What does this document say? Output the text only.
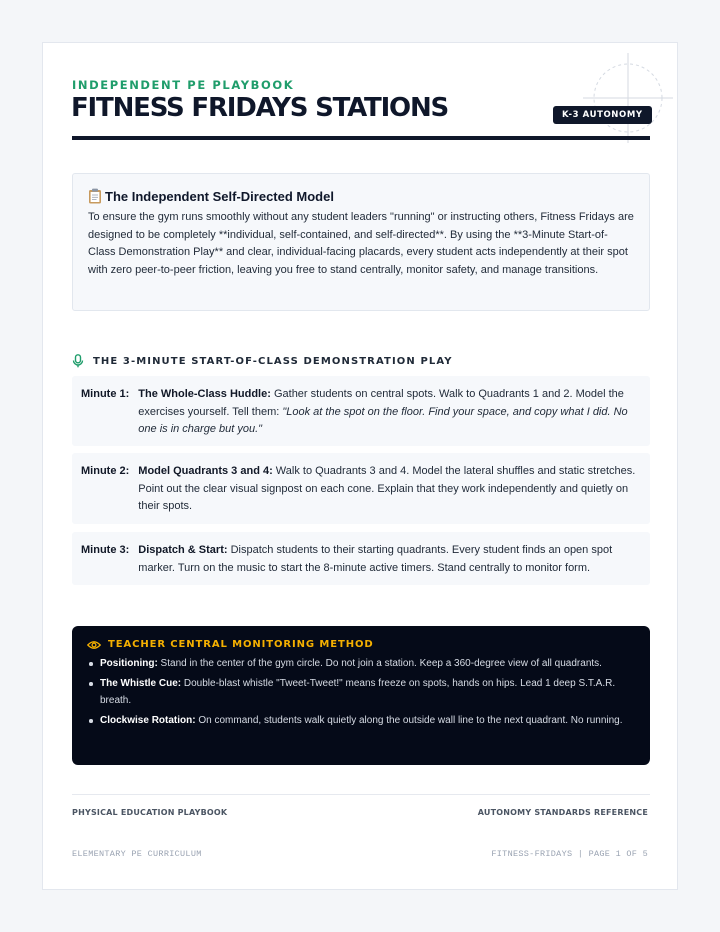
INDEPENDENT PE PLAYBOOK
FITNESS FRIDAYS STATIONS	K-3 AUTONOMY
The Independent Self-Directed Model

To ensure the gym runs smoothly without any student leaders "running" or instructing others, Fitness Fridays are designed to be completely **individual, self-contained, and self-directed**. By using the **3-Minute Start-of-Class Demonstration Play** and clear, individual-facing placards, every student acts independently at their spot with zero peer-to-peer friction, leaving you free to stand centrally, monitor safety, and manage transitions.

THE 3-MINUTE START-OF-CLASS DEMONSTRATION PLAY
Minute 1: The Whole-Class Huddle: Gather students on central spots. Walk to Quadrants 1 and 2. Model the exercises yourself. Tell them: "Look at the spot on the floor. Find your space, and copy what I did. No one is in charge but you."
Minute 2: Model Quadrants 3 and 4: Walk to Quadrants 3 and 4. Model the lateral shuffles and static stretches. Point out the clear visual signpost on each cone. Explain that they work independently and quietly on their spots.
Minute 3: Dispatch & Start: Dispatch students to their starting quadrants. Every student finds an open spot marker. Turn on the music to start the 8-minute active timers. Stand centrally to monitor form.
TEACHER CENTRAL MONITORING METHOD
Positioning: Stand in the center of the gym circle. Do not join a station. Keep a 360-degree view of all quadrants.
The Whistle Cue: Double-blast whistle "Tweet-Tweet!" means freeze on spots, hands on hips. Lead 1 deep S.T.A.R. breath.
Clockwise Rotation: On command, students walk quietly along the outside wall line to the next quadrant. No running.
PHYSICAL EDUCATION PLAYBOOK	AUTONOMY STANDARDS REFERENCE
ELEMENTARY PE CURRICULUM	FITNESS-FRIDAYS | PAGE 1 OF 5
